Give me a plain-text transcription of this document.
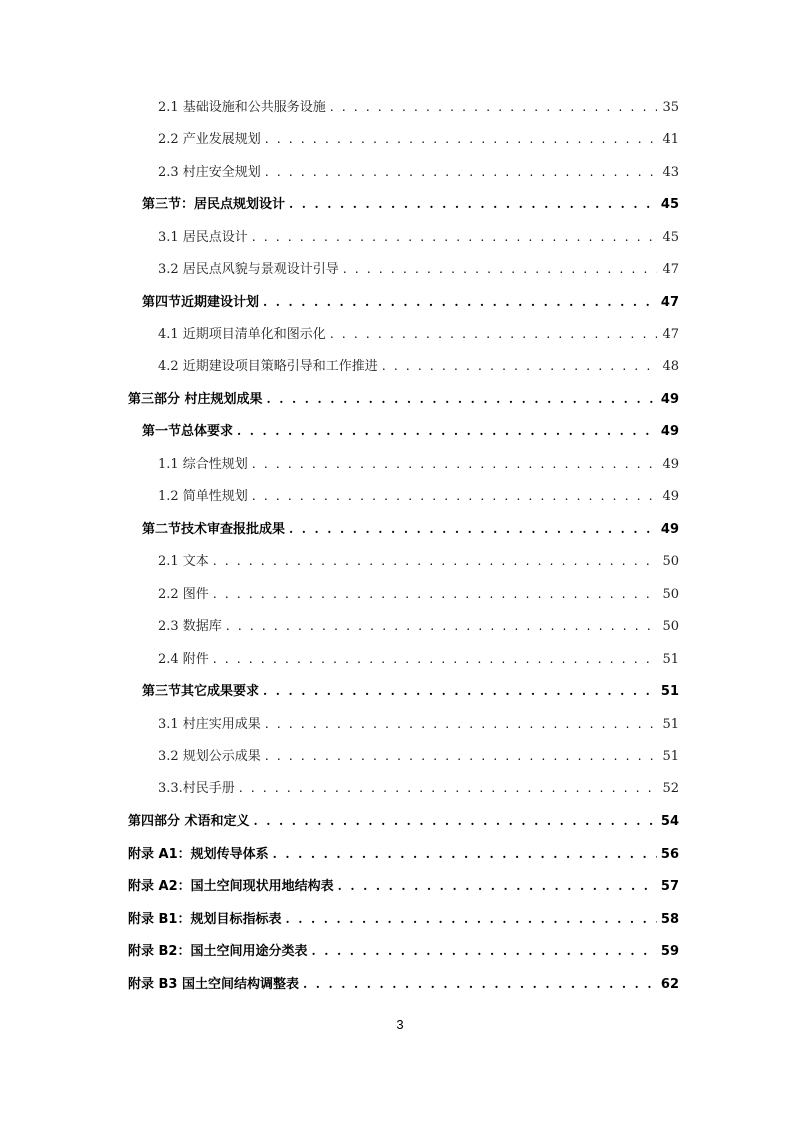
2.1 基础设施和公共服务设施 . . .	35
2.2 产业发展规划 . . .	41
2.3 村庄安全规划 . . .	43
第三节：居民点规划设计 . . .	45
3.1 居民点设计 . . .	45
3.2 居民点风貌与景观设计引导 . . .	47
第四节近期建设计划 . . .	47
4.1 近期项目清单化和图示化 . . .	47
4.2 近期建设项目策略引导和工作推进 . . .	48
第三部分 村庄规划成果 . . .	49
第一节总体要求 . . .	49
1.1 综合性规划 . . .	49
1.2 简单性规划 . . .	49
第二节技术审查报批成果 . . .	49
2.1 文本 . . .	50
2.2 图件 . . .	50
2.3 数据库 . . .	50
2.4 附件 . . .	51
第三节其它成果要求 . . .	51
3.1 村庄实用成果 . . .	51
3.2 规划公示成果 . . .	51
3.3.村民手册 . . .	52
第四部分 术语和定义 . . .	54
附录 A1：规划传导体系 . . .	56
附录 A2：国土空间现状用地结构表 . . .	57
附录 B1：规划目标指标表 . . .	58
附录 B2：国土空间用途分类表 . . .	59
附录 B3 国土空间结构调整表 . . .	62
3
